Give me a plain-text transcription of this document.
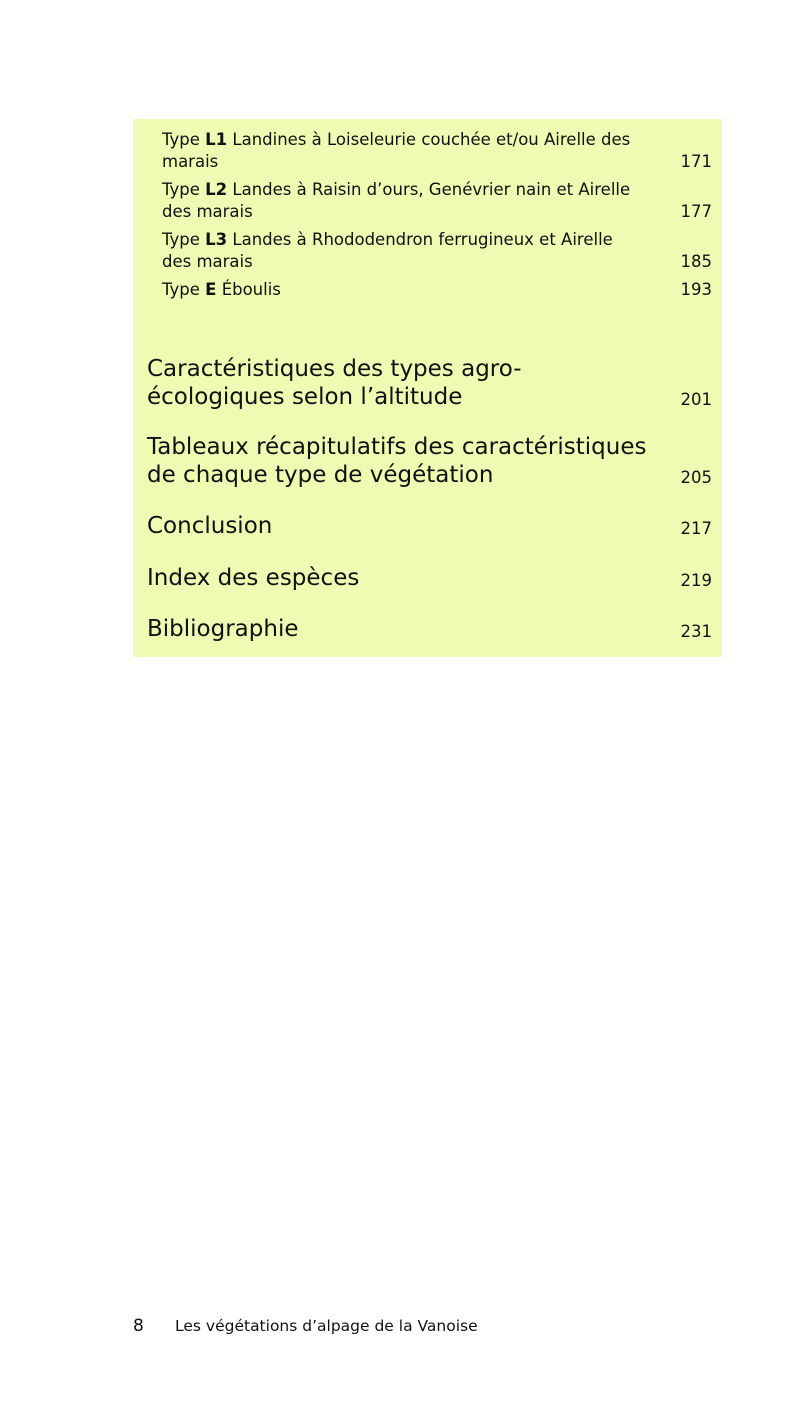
Type L1 Landines à Loiseleurie couchée et/ou Airelle des marais	171
Type L2 Landes à Raisin d’ours, Genévrier nain et Airelle des marais	177
Type L3 Landes à Rhododendron ferrugineux et Airelle des marais	185
Type E Éboulis	193
Caractéristiques des types agro-écologiques selon l’altitude	201
Tableaux récapitulatifs des caractéristiques de chaque type de végétation	205
Conclusion	217
Index des espèces	219
Bibliographie	231
8 Les végétations d’alpage de la Vanoise
